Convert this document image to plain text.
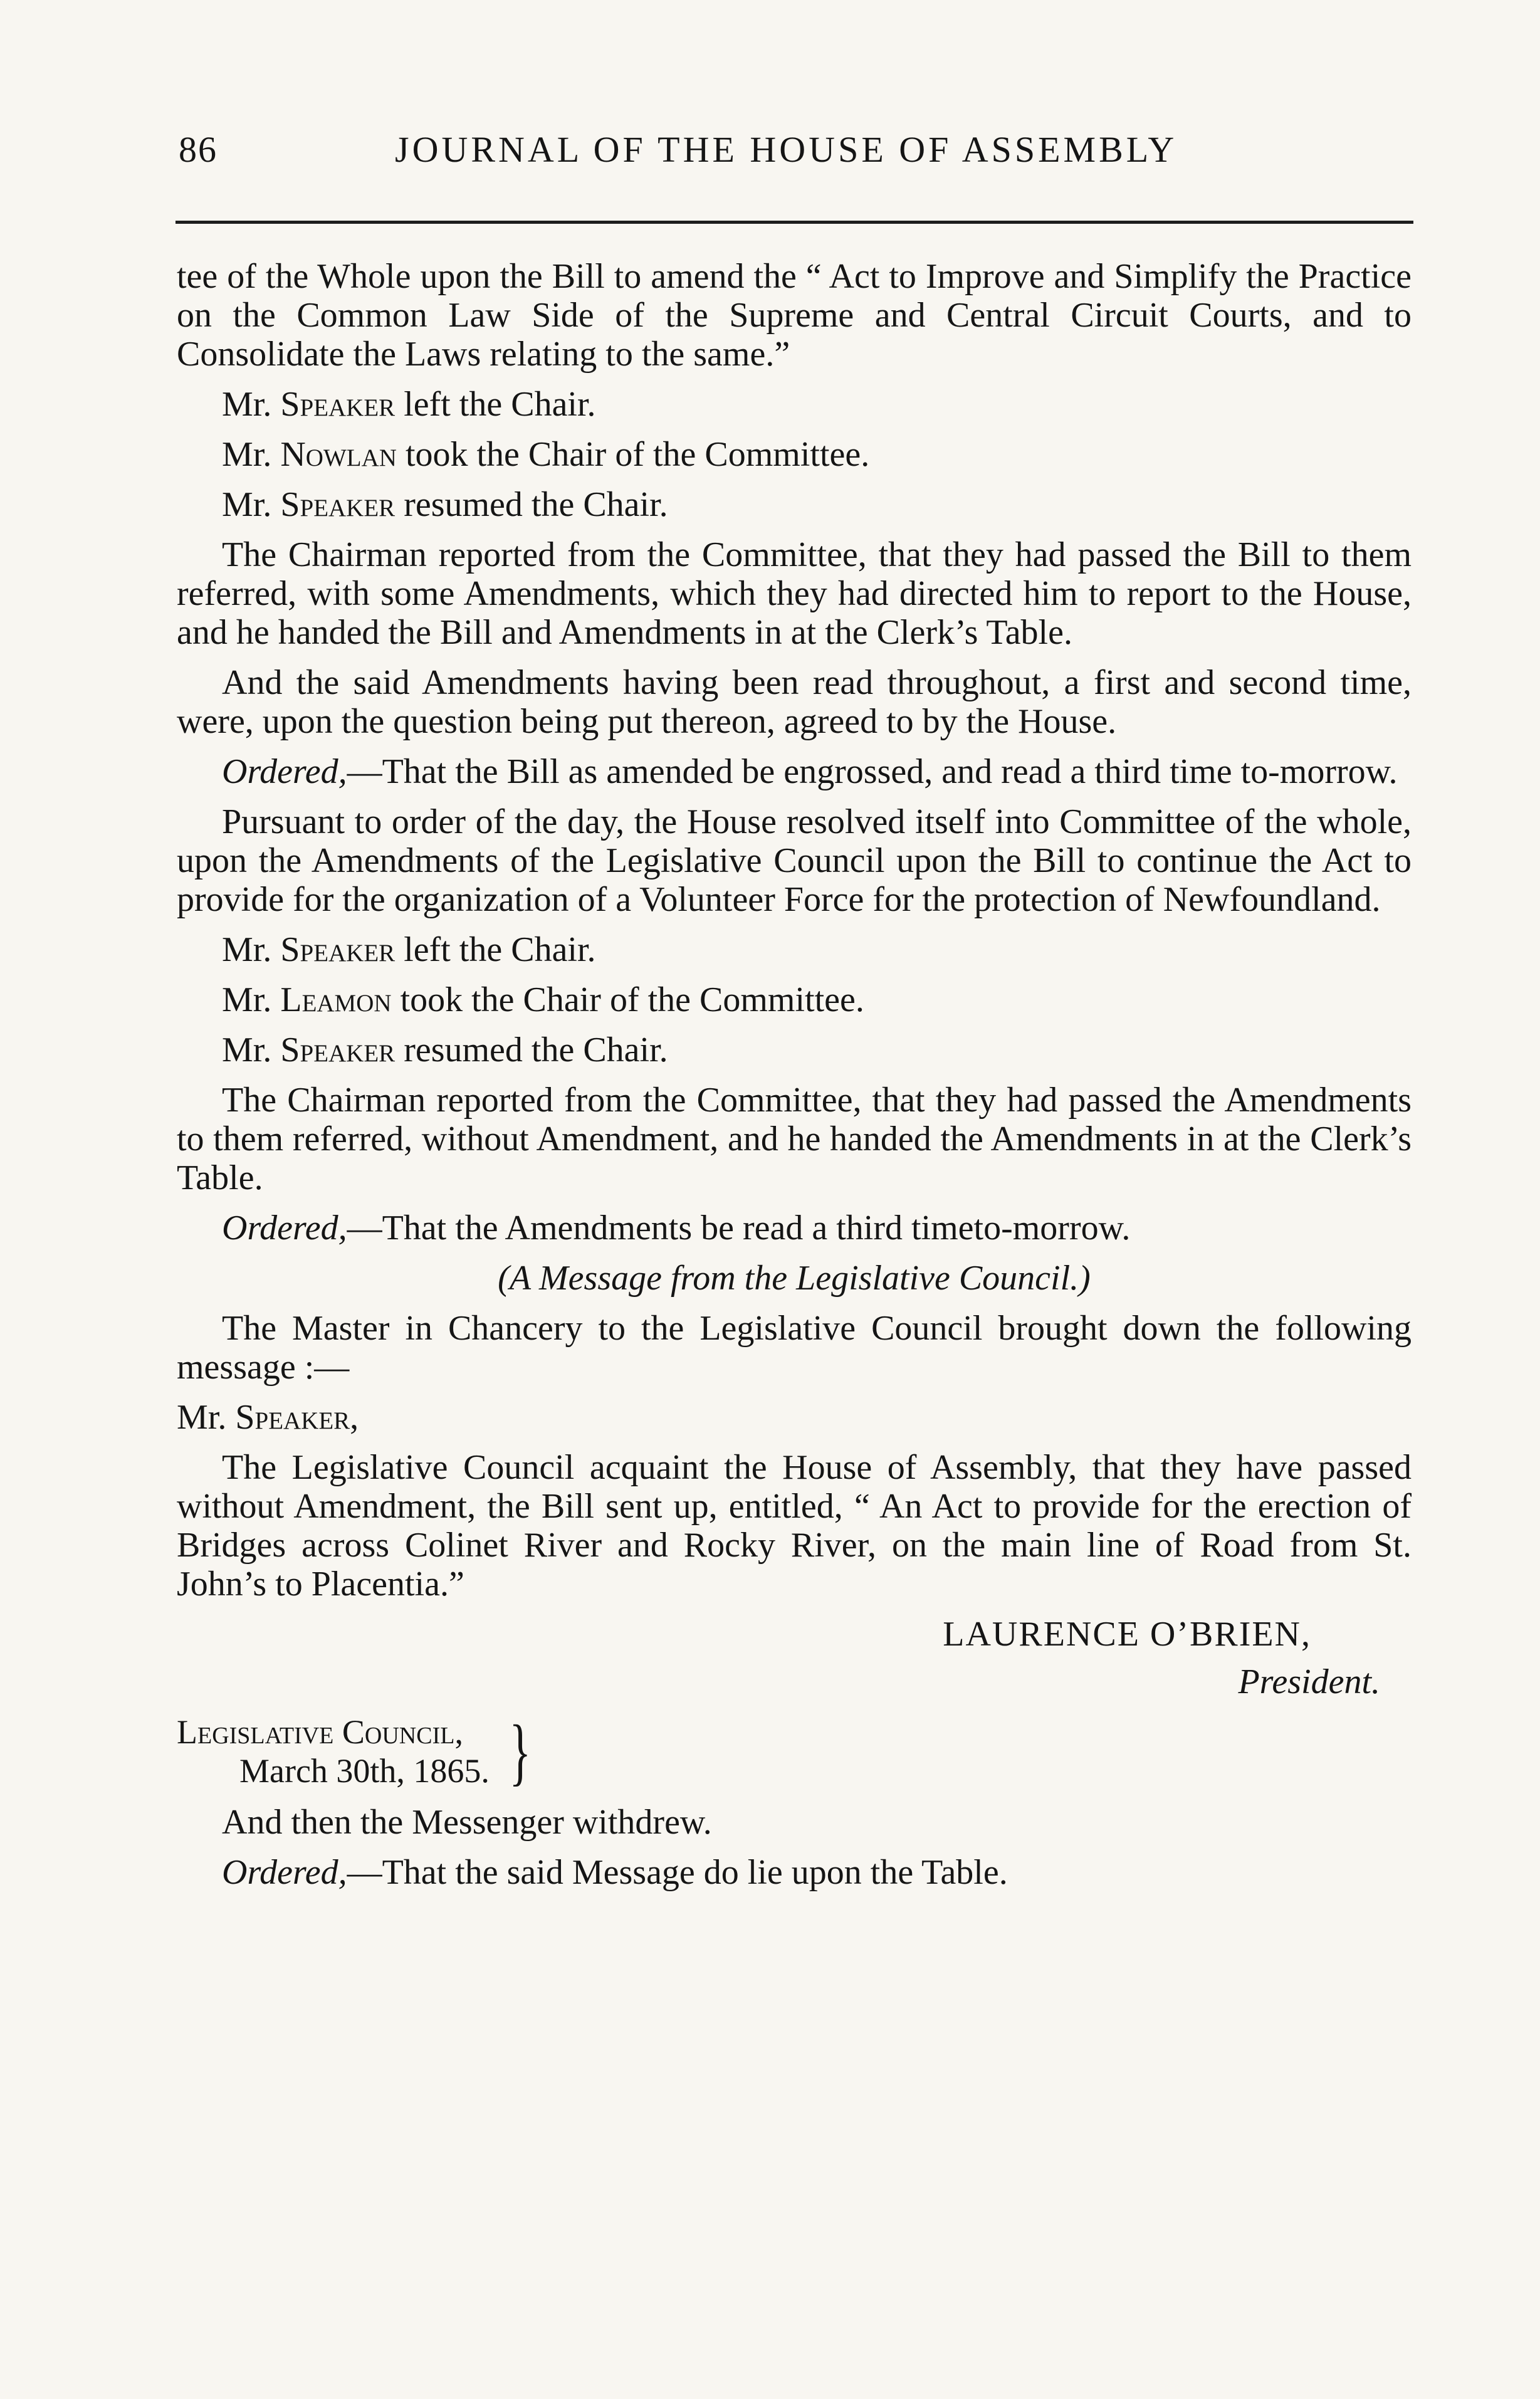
86	JOURNAL OF THE HOUSE OF ASSEMBLY

tee of the Whole upon the Bill to amend the “ Act to Improve and Simplify the Practice on the Common Law Side of the Supreme and Central Circuit Courts, and to Consolidate the Laws relating to the same.”

Mr. Speaker left the Chair.

Mr. Nowlan took the Chair of the Committee.

Mr. Speaker resumed the Chair.

The Chairman reported from the Committee, that they had passed the Bill to them referred, with some Amendments, which they had directed him to report to the House, and he handed the Bill and Amendments in at the Clerk’s Table.

And the said Amendments having been read throughout, a first and second time, were, upon the question being put thereon, agreed to by the House.

Ordered,—That the Bill as amended be engrossed, and read a third time to-morrow.

Pursuant to order of the day, the House resolved itself into Committee of the whole, upon the Amendments of the Legislative Council upon the Bill to continue the Act to provide for the organization of a Volunteer Force for the protection of Newfoundland.

Mr. Speaker left the Chair.

Mr. Leamon took the Chair of the Committee.

Mr. Speaker resumed the Chair.

The Chairman reported from the Committee, that they had passed the Amendments to them referred, without Amendment, and he handed the Amendments in at the Clerk’s Table.

Ordered,—That the Amendments be read a third timeto-morrow.

(A Message from the Legislative Council.)

The Master in Chancery to the Legislative Council brought down the following message :—

Mr. Speaker,

The Legislative Council acquaint the House of Assembly, that they have passed without Amendment, the Bill sent up, entitled, “ An Act to provide for the erection of Bridges across Colinet River and Rocky River, on the main line of Road from St. John’s to Placentia.”

LAURENCE O’BRIEN,
President.
Legislative Council,
March 30th, 1865. }

And then the Messenger withdrew.

Ordered,—That the said Message do lie upon the Table.
